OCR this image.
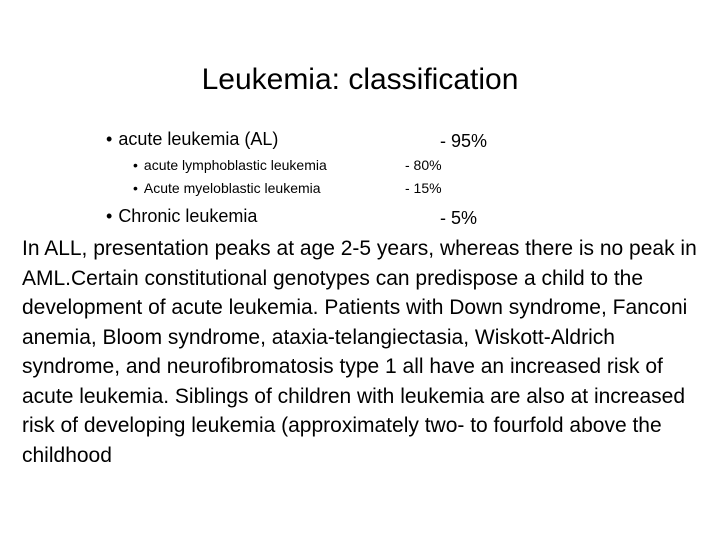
Leukemia: classification
• acute leukemia (AL)	- 95%
• acute lymphoblastic leukemia	- 80%
• Acute myeloblastic leukemia	- 15%
• Chronic leukemia	- 5%
In ALL, presentation peaks at age 2-5 years, whereas there is no peak in AML.Certain constitutional genotypes can predispose a child to the development of acute leukemia. Patients with Down syndrome, Fanconi anemia, Bloom syndrome, ataxia-telangiectasia, Wiskott-Aldrich syndrome, and neurofibromatosis type 1 all have an increased risk of acute leukemia. Siblings of children with leukemia are also at increased risk of developing leukemia (approximately two- to fourfold above the childhood
